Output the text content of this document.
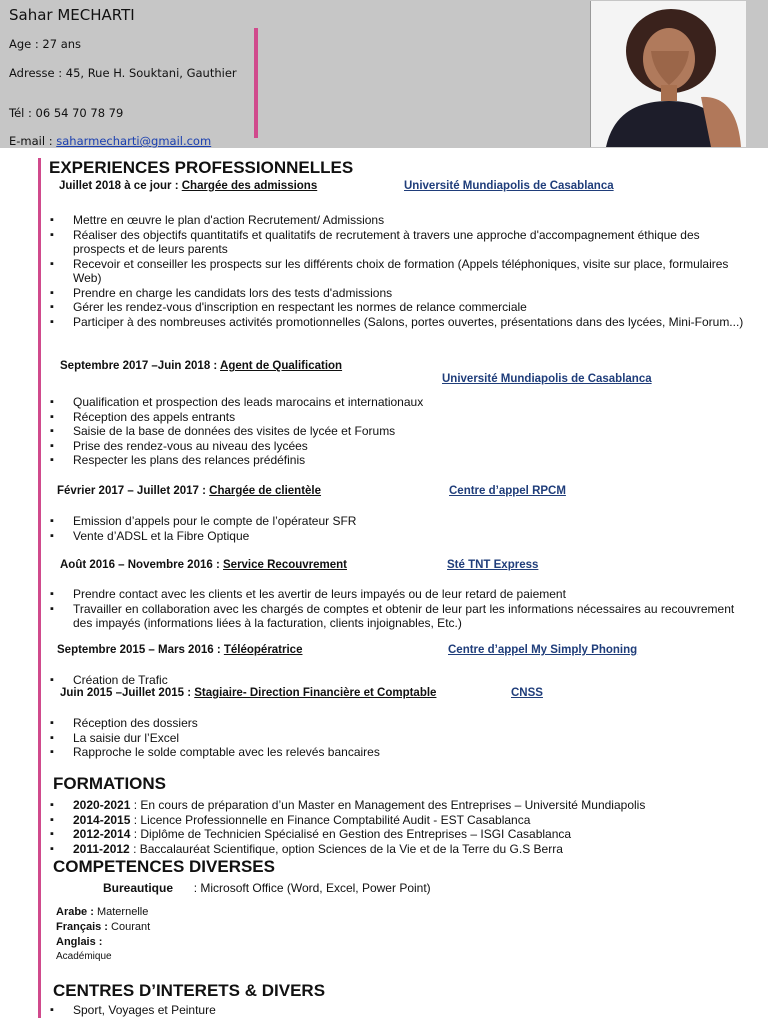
Sahar MECHARTI
Age : 27 ans
Adresse : 45, Rue H. Souktani, Gauthier
Tél : 06 54 70 78 79
E-mail : saharmecharti@gmail.com
EXPERIENCES PROFESSIONNELLES
Juillet 2018 à ce jour : Chargée des admissions	Université Mundiapolis de Casablanca
▪ Mettre en œuvre le plan d'action Recrutement/ Admissions
▪ Réaliser des objectifs quantitatifs et qualitatifs de recrutement à travers une approche d'accompagnement éthique des prospects et de leurs parents
▪ Recevoir et conseiller les prospects sur les différents choix de formation (Appels téléphoniques, visite sur place, formulaires Web)
▪ Prendre en charge les candidats lors des tests d'admissions
▪ Gérer les rendez-vous d'inscription en respectant les normes de relance commerciale
▪ Participer à des nombreuses activités promotionnelles (Salons, portes ouvertes, présentations dans des lycées, Mini-Forum...)
Septembre 2017 –Juin 2018 : Agent de Qualification
Université Mundiapolis de Casablanca
▪ Qualification et prospection des leads marocains et internationaux
▪ Réception des appels entrants
▪ Saisie de la base de données des visites de lycée et Forums
▪ Prise des rendez-vous au niveau des lycées
▪ Respecter les plans des relances prédéfinis
Février 2017 – Juillet 2017 : Chargée de clientèle	Centre d’appel RPCM
▪ Emission d’appels pour le compte de l’opérateur SFR
▪ Vente d’ADSL et la Fibre Optique
Août 2016 – Novembre 2016 : Service Recouvrement	Sté TNT Express
▪ Prendre contact avec les clients et les avertir de leurs impayés ou de leur retard de paiement
▪ Travailler en collaboration avec les chargés de comptes et obtenir de leur part les informations nécessaires au recouvrement des impayés (informations liées à la facturation, clients injoignables, Etc.)
Septembre 2015 – Mars 2016 : Téléopératrice	Centre d’appel My Simply Phoning
▪ Création de Trafic
Juin 2015 –Juillet 2015 : Stagiaire- Direction Financière et Comptable	CNSS
▪ Réception des dossiers
▪ La saisie dur l’Excel
▪ Rapproche le solde comptable avec les relevés bancaires
FORMATIONS
▪ 2020-2021 : En cours de préparation d’un Master en Management des Entreprises – Université Mundiapolis
▪ 2014-2015 : Licence Professionnelle en Finance Comptabilité Audit - EST Casablanca
▪ 2012-2014 : Diplôme de Technicien Spécialisé en Gestion des Entreprises – ISGI Casablanca
▪ 2011-2012 : Baccalauréat Scientifique, option Sciences de la Vie et de la Terre du G.S Berra
COMPETENCES DIVERSES
Bureautique : Microsoft Office (Word, Excel, Power Point)
Arabe : Maternelle
Français : Courant
Anglais :
Académique
CENTRES D’INTERETS & DIVERS
▪ Sport, Voyages et Peinture
